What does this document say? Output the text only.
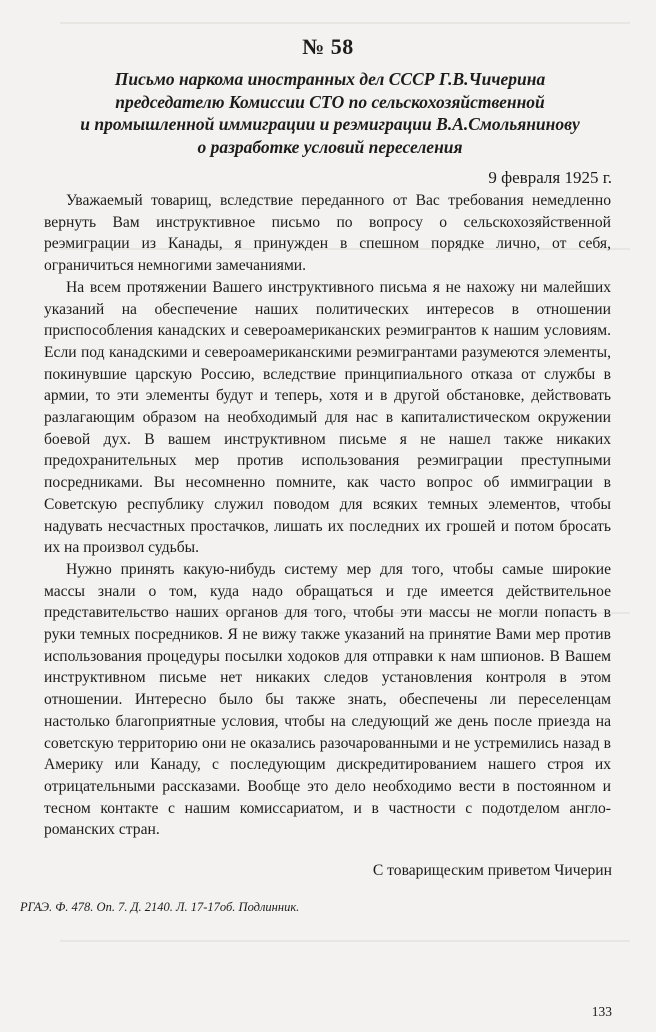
№ 58
Письмо наркома иностранных дел СССР Г.В.Чичерина
председателю Комиссии СТО по сельскохозяйственной
и промышленной иммиграции и реэмиграции В.А.Смольянинову
о разработке условий переселения
9 февраля 1925 г.

Уважаемый товарищ, вследствие переданного от Вас требования немедленно вернуть Вам инструктивное письмо по вопросу о сельскохозяйственной реэмиграции из Канады, я принужден в спешном порядке лично, от себя, ограничиться немногими замечаниями.

На всем протяжении Вашего инструктивного письма я не нахожу ни малейших указаний на обеспечение наших политических интересов в отношении приспособления канадских и североамериканских реэмигрантов к нашим условиям. Если под канадскими и североамериканскими реэмигрантами разумеются элементы, покинувшие царскую Россию, вследствие принципиального отказа от службы в армии, то эти элементы будут и теперь, хотя и в другой обстановке, действовать разлагающим образом на необходимый для нас в капиталистическом окружении боевой дух. В вашем инструктивном письме я не нашел также никаких предохранительных мер против использования реэмиграции преступными посредниками. Вы несомненно помните, как часто вопрос об иммиграции в Советскую республику служил поводом для всяких темных элементов, чтобы надувать несчастных простачков, лишать их последних их грошей и потом бросать их на произвол судьбы.

Нужно принять какую-нибудь систему мер для того, чтобы самые широкие массы знали о том, куда надо обращаться и где имеется действительное представительство наших органов для того, чтобы эти массы не могли попасть в руки темных посредников. Я не вижу также указаний на принятие Вами мер против использования процедуры посылки ходоков для отправки к нам шпионов. В Вашем инструктивном письме нет никаких следов установления контроля в этом отношении. Интересно было бы также знать, обеспечены ли переселенцам настолько благоприятные условия, чтобы на следующий же день после приезда на советскую территорию они не оказались разочарованными и не устремились назад в Америку или Канаду, с последующим дискредитированием нашего строя их отрицательными рассказами. Вообще это дело необходимо вести в постоянном и тесном контакте с нашим комиссариатом, и в частности с подотделом англо-романских стран.

С товарищеским приветом Чичерин
РГАЭ. Ф. 478. Оп. 7. Д. 2140. Л. 17-17об. Подлинник.
133
